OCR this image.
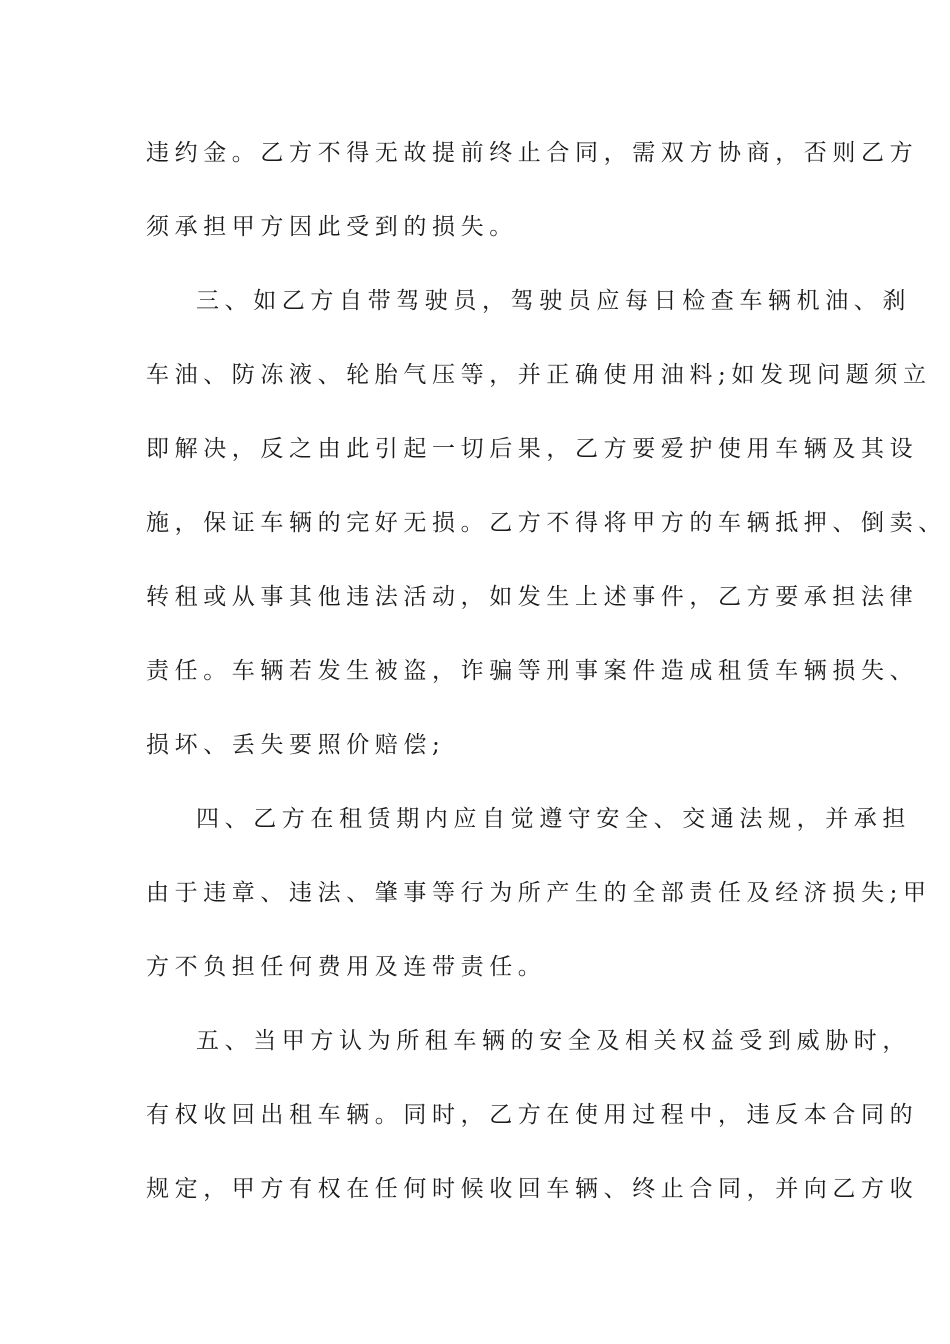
违约金。乙方不得无故提前终止合同，需双方协商，否则乙方
须承担甲方因此受到的损失。
三、如乙方自带驾驶员，驾驶员应每日检查车辆机油、刹
车油、防冻液、轮胎气压等，并正确使用油料;如发现问题须立
即解决，反之由此引起一切后果，乙方要爱护使用车辆及其设
施，保证车辆的完好无损。乙方不得将甲方的车辆抵押、倒卖、
转租或从事其他违法活动，如发生上述事件，乙方要承担法律
责任。车辆若发生被盗，诈骗等刑事案件造成租赁车辆损失、
损坏、丢失要照价赔偿;
四、乙方在租赁期内应自觉遵守安全、交通法规，并承担
由于违章、违法、肇事等行为所产生的全部责任及经济损失;甲
方不负担任何费用及连带责任。
五、当甲方认为所租车辆的安全及相关权益受到威胁时，
有权收回出租车辆。同时，乙方在使用过程中，违反本合同的
规定，甲方有权在任何时候收回车辆、终止合同，并向乙方收
